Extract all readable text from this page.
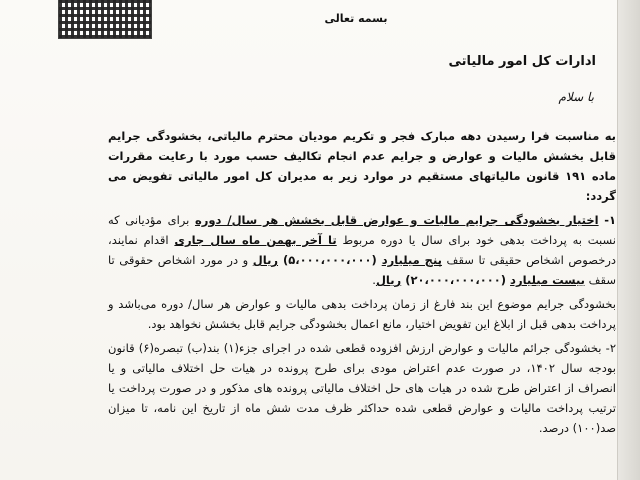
بسمه تعالی
ادارات کل امور مالیاتی
با سلام

به مناسبت فرا رسیدن دهه مبارک فجر و تکریم مودیان محترم مالیاتی، بخشودگی جرایم قابل بخشش مالیات و عوارض و جرایم عدم انجام تکالیف حسب مورد با رعایت مقررات ماده ۱۹۱ قانون مالیاتهای مستقیم در موارد زیر به مدیران کل امور مالیاتی تفویض می گردد:

۱- اختیار بخشودگی جرایم مالیات و عوارض قابل بخشش هر سال/ دوره برای مؤدیانی که نسبت به پرداخت بدهی خود برای سال یا دوره مربوط تا آخر بهمن ماه سال جاری اقدام نمایند، درخصوص اشخاص حقیقی تا سقف پنج میلیارد (۵،۰۰۰،۰۰۰،۰۰۰) ریال و در مورد اشخاص حقوقی تا سقف بیست میلیارد (۲۰،۰۰۰،۰۰۰،۰۰۰) ریال.

بخشودگی جرایم موضوع این بند فارغ از زمان پرداخت بدهی مالیات و عوارض هر سال/ دوره می‌باشد و پرداخت بدهی قبل از ابلاغ این تفویض اختیار، مانع اعمال بخشودگی جرایم قابل بخشش نخواهد بود.

۲- بخشودگی جرائم مالیات و عوارض ارزش افزوده قطعی شده در اجرای جزء(۱) بند(ب) تبصره(۶) قانون بودجه سال ۱۴۰۲، در صورت عدم اعتراض مودی برای طرح پرونده در هیات حل اختلاف مالیاتی و یا انصراف از اعتراض طرح شده در هیات های حل اختلاف مالیاتی پرونده های مذکور و در صورت پرداخت یا ترتیب پرداخت مالیات و عوارض قطعی شده حداکثر ظرف مدت شش ماه از تاریخ این نامه، تا میزان صد(۱۰۰) درصد.
